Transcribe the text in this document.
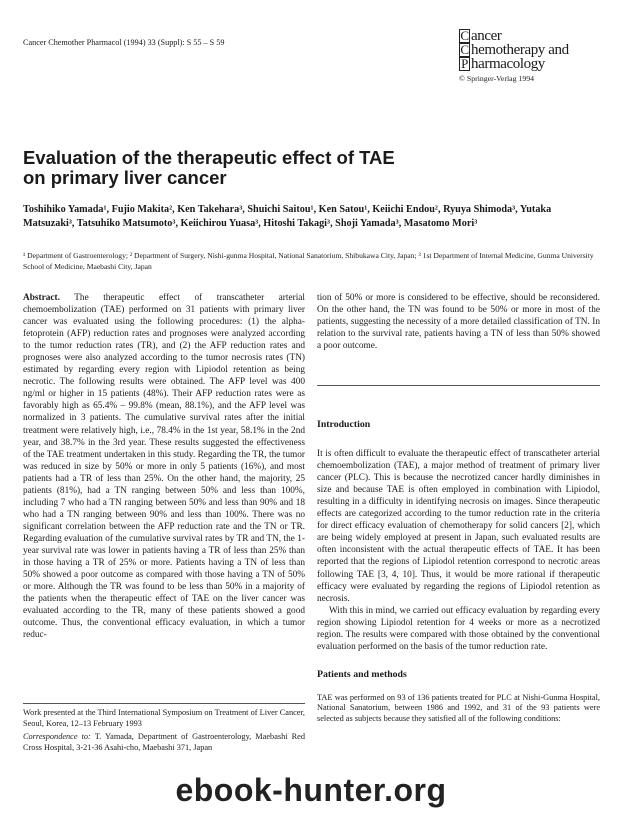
Cancer Chemother Pharmacol (1994) 33 (Suppl): S 55 – S 59	C ancer
C hemotherapy and
P harmacology
© Springer-Verlag 1994
Evaluation of the therapeutic effect of TAE
on primary liver cancer
Toshihiko Yamada¹, Fujio Makita², Ken Takehara³, Shuichi Saitou¹, Ken Satou¹, Keiichi Endou², Ryuya Shimoda³, Yutaka Matsuzaki³, Tatsuhiko Matsumoto³, Keiichirou Yuasa³, Hitoshi Takagi³, Shoji Yamada³, Masatomo Mori³
¹ Department of Gastroenterology; ² Department of Surgery, Nishi-gunma Hospital, National Sanatorium, Shibukawa City, Japan; ³ 1st Department of Internal Medicine, Gunma University School of Medicine, Maebashi City, Japan
Abstract. The therapeutic effect of transcatheter arterial chemoembolization (TAE) performed on 31 patients with primary liver cancer was evaluated using the following procedures: (1) the alpha-fetoprotein (AFP) reduction rates and prognoses were analyzed according to the tumor reduction rates (TR), and (2) the AFP reduction rates and prognoses were also analyzed according to the tumor necrosis rates (TN) estimated by regarding every region with Lipiodol retention as being necrotic. The following results were obtained. The AFP level was 400 ng/ml or higher in 15 patients (48%). Their AFP reduction rates were as favorably high as 65.4% – 99.8% (mean, 88.1%), and the AFP level was normalized in 3 patients. The cumulative survival rates after the initial treatment were relatively high, i.e., 78.4% in the 1st year, 58.1% in the 2nd year, and 38.7% in the 3rd year. These results suggested the effectiveness of the TAE treatment undertaken in this study. Regarding the TR, the tumor was reduced in size by 50% or more in only 5 patients (16%), and most patients had a TR of less than 25%. On the other hand, the majority, 25 patients (81%), had a TN ranging between 50% and less than 100%, including 7 who had a TN ranging between 50% and less than 90% and 18 who had a TN ranging between 90% and less than 100%. There was no significant correlation between the AFP reduction rate and the TN or TR. Regarding evaluation of the cumulative survival rates by TR and TN, the 1-year survival rate was lower in patients having a TR of less than 25% than in those having a TR of 25% or more. Patients having a TN of less than 50% showed a poor outcome as compared with those having a TN of 50% or more. Although the TR was found to be less than 50% in a majority of the patients when the therapeutic effect of TAE on the liver cancer was evaluated according to the TR, many of these patients showed a good outcome. Thus, the conventional efficacy evaluation, in which a tumor reduc-
tion of 50% or more is considered to be effective, should be reconsidered. On the other hand, the TN was found to be 50% or more in most of the patients, suggesting the necessity of a more detailed classification of TN. In relation to the survival rate, patients having a TN of less than 50% showed a poor outcome.
Introduction
It is often difficult to evaluate the therapeutic effect of transcatheter arterial chemoembolization (TAE), a major method of treatment of primary liver cancer (PLC). This is because the necrotized cancer hardly diminishes in size and because TAE is often employed in combination with Lipiodol, resulting in a difficulty in identifying necrosis on images. Since therapeutic effects are categorized according to the tumor reduction rate in the criteria for direct efficacy evaluation of chemotherapy for solid cancers [2], which are being widely employed at present in Japan, such evaluated results are often inconsistent with the actual therapeutic effects of TAE. It has been reported that the regions of Lipiodol retention correspond to necrotic areas following TAE [3, 4, 10]. Thus, it would be more rational if therapeutic efficacy were evaluated by regarding the regions of Lipiodol retention as necrosis.
With this in mind, we carried out efficacy evaluation by regarding every region showing Lipiodol retention for 4 weeks or more as a necrotized region. The results were compared with those obtained by the conventional evaluation performed on the basis of the tumor reduction rate.
Patients and methods
TAE was performed on 93 of 136 patients treated for PLC at Nishi-Gunma Hospital, National Sanatorium, between 1986 and 1992, and 31 of the 93 patients were selected as subjects because they satisfied all of the following conditions:
Work presented at the Third International Symposium on Treatment of Liver Cancer, Seoul, Korea, 12–13 February 1993
Correspondence to: T. Yamada, Department of Gastroenterology, Maebashi Red Cross Hospital, 3-21-36 Asahi-cho, Maebashi 371, Japan
ebook-hunter.org
